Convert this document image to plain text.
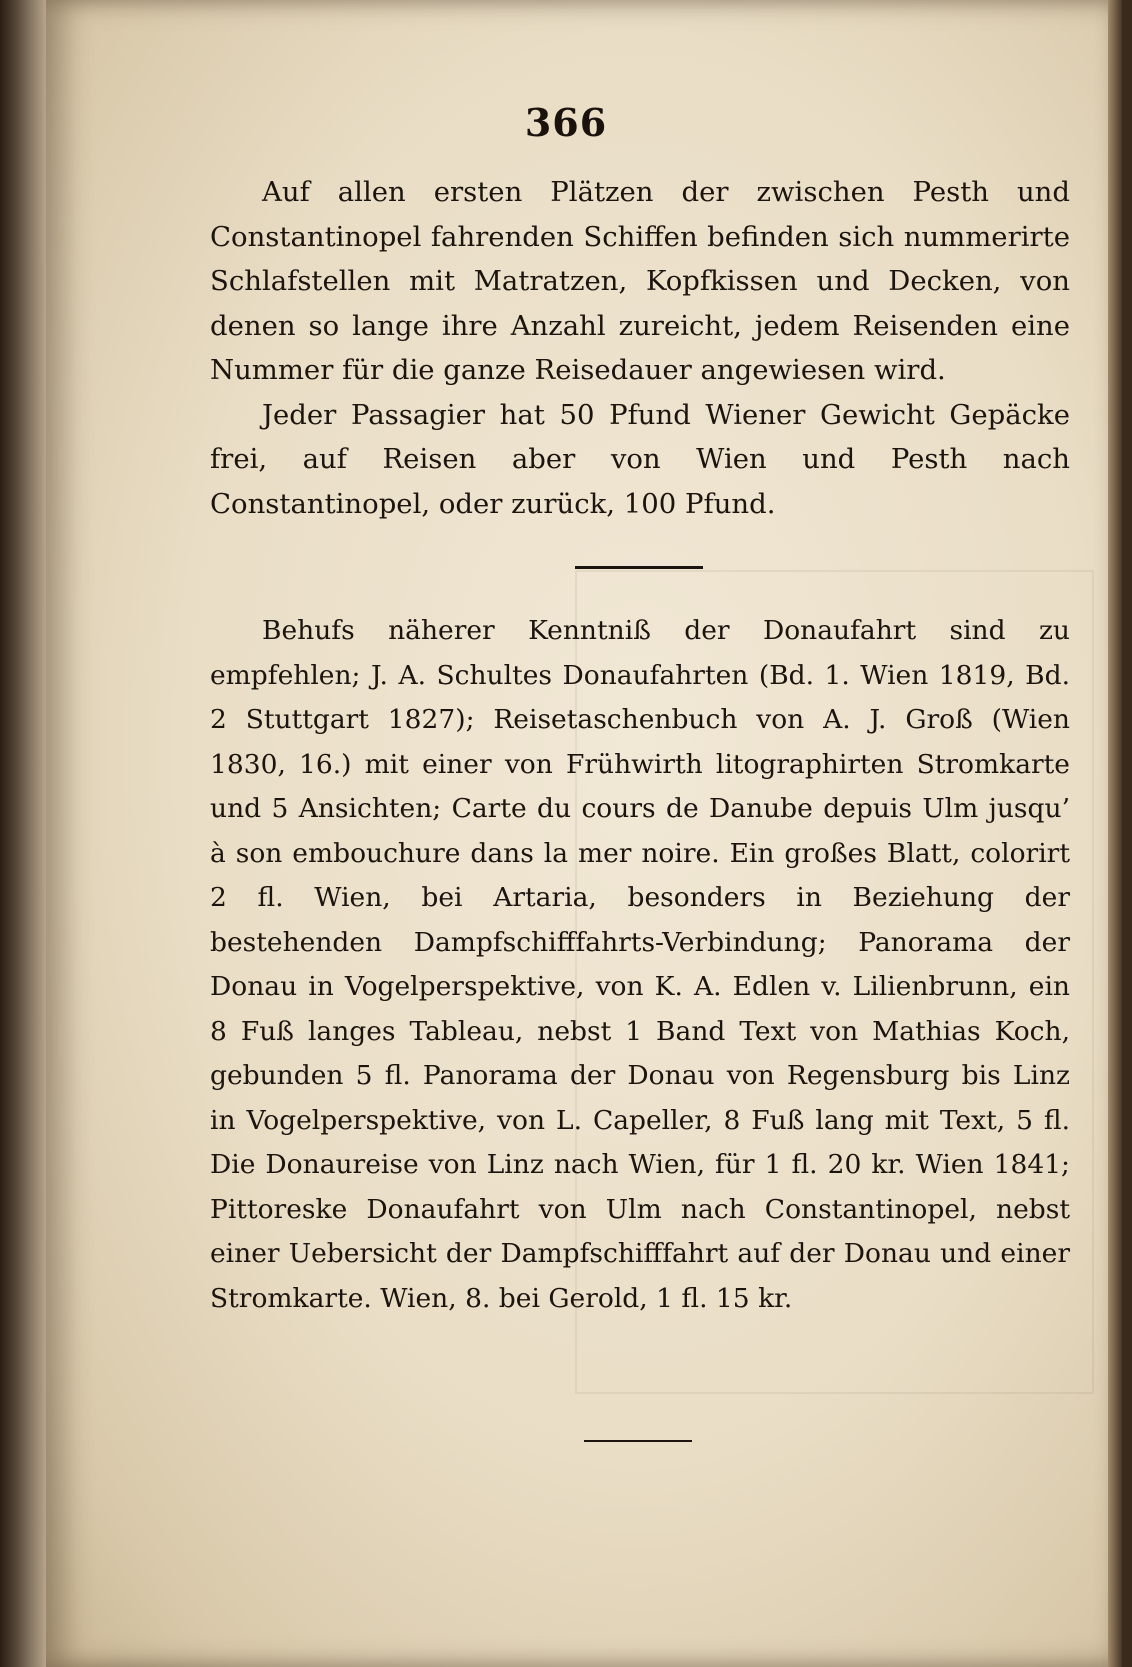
366

Auf allen ersten Plätzen der zwischen Pesth und Constantinopel fahrenden Schiffen befinden sich nummerirte Schlafstellen mit Matratzen, Kopfkissen und Decken, von denen so lange ihre Anzahl zureicht, jedem Reisenden eine Nummer für die ganze Reisedauer angewiesen wird.

Jeder Passagier hat 50 Pfund Wiener Gewicht Gepäcke frei, auf Reisen aber von Wien und Pesth nach Constantinopel, oder zurück, 100 Pfund.

Behufs näherer Kenntniß der Donaufahrt sind zu empfehlen; J. A. Schultes Donaufahrten (Bd. 1. Wien 1819, Bd. 2 Stuttgart 1827); Reisetaschenbuch von A. J. Groß (Wien 1830, 16.) mit einer von Frühwirth litographirten Stromkarte und 5 Ansichten; Carte du cours de Danube depuis Ulm jusqu’ à son embouchure dans la mer noire. Ein großes Blatt, colorirt 2 fl. Wien, bei Artaria, besonders in Beziehung der bestehenden Dampfschifffahrts-Verbindung; Panorama der Donau in Vogelperspektive, von K. A. Edlen v. Lilienbrunn, ein 8 Fuß langes Tableau, nebst 1 Band Text von Mathias Koch, gebunden 5 fl. Panorama der Donau von Regensburg bis Linz in Vogelperspektive, von L. Capeller, 8 Fuß lang mit Text, 5 fl. Die Donaureise von Linz nach Wien, für 1 fl. 20 kr. Wien 1841; Pittoreske Donaufahrt von Ulm nach Constantinopel, nebst einer Uebersicht der Dampfschifffahrt auf der Donau und einer Stromkarte. Wien, 8. bei Gerold, 1 fl. 15 kr.
